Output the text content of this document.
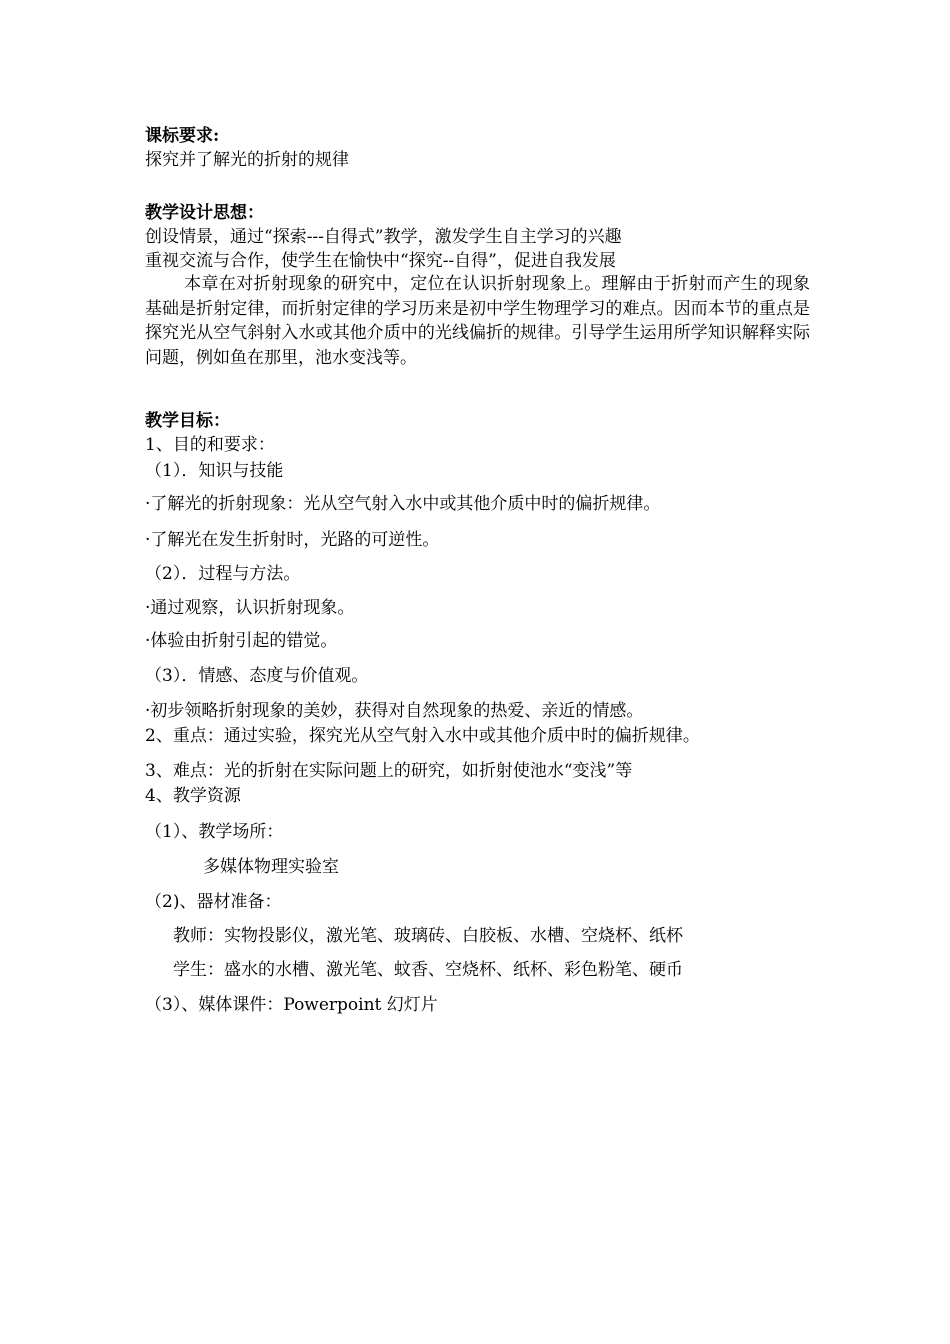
课标要求:
探究并了解光的折射的规律
教学设计思想：
创设情景，通过“探索---自得式”教学，激发学生自主学习的兴趣
重视交流与合作，使学生在愉快中“探究--自得”，促进自我发展
本章在对折射现象的研究中，定位在认识折射现象上。理解由于折射而产生的现象基础是折射定律，而折射定律的学习历来是初中学生物理学习的难点。因而本节的重点是探究光从空气斜射入水或其他介质中的光线偏折的规律。引导学生运用所学知识解释实际问题，例如鱼在那里，池水变浅等。
教学目标：
1、目的和要求：
（1）．知识与技能
·了解光的折射现象：光从空气射入水中或其他介质中时的偏折规律。
·了解光在发生折射时，光路的可逆性。
（2）．过程与方法。
·通过观察，认识折射现象。
·体验由折射引起的错觉。
（3）．情感、态度与价值观。
·初步领略折射现象的美妙，获得对自然现象的热爱、亲近的情感。
2、重点：通过实验，探究光从空气射入水中或其他介质中时的偏折规律。
3、难点：光的折射在实际问题上的研究，如折射使池水“变浅”等
4、教学资源
（1）、教学场所：
多媒体物理实验室
（2)、器材准备：
教师：实物投影仪，激光笔、玻璃砖、白胶板、水槽、空烧杯、纸杯
学生：盛水的水槽、激光笔、蚊香、空烧杯、纸杯、彩色粉笔、硬币
（3）、媒体课件：Powerpoint 幻灯片
